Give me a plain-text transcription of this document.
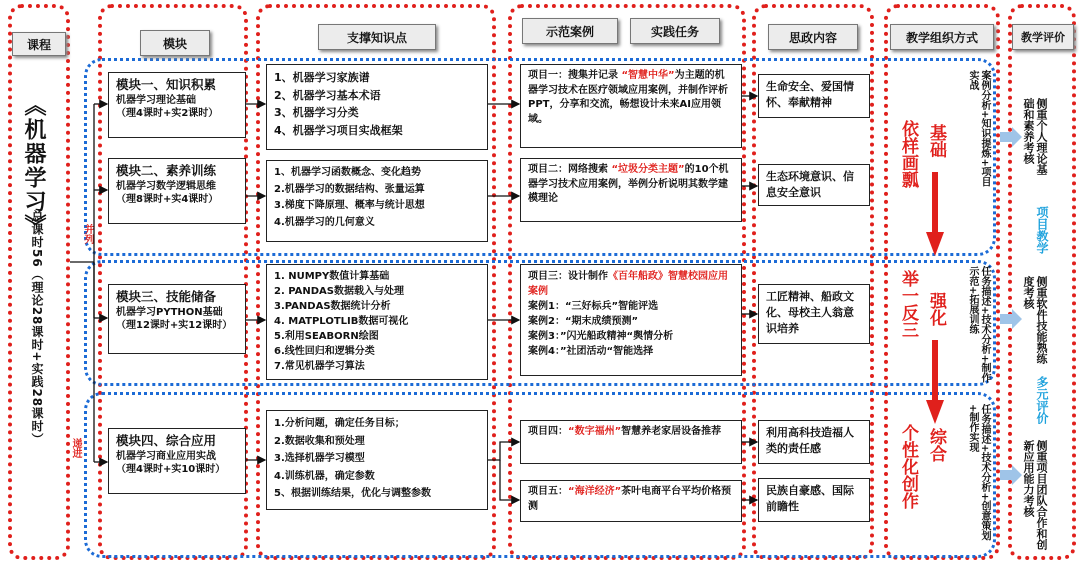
课程	模块	支撑知识点	示范案例	实践任务	思政内容	教学组织方式	教学评价
《机器学习》
总课时56（理论28课时+实践28课时）	并列
递进
模块一、知识积累
机器学习理论基础
（理4课时+实2课时）
模块二、素养训练
机器学习数学逻辑思维
（理8课时+实4课时）
模块三、技能储备
机器学习PYTHON基础
（理12课时+实12课时）
模块四、综合应用
机器学习商业应用实战
（理4课时+实10课时）
1、机器学习家族谱
2、机器学习基本术语
3、机器学习分类
4、机器学习项目实战框架
1、机器学习函数概念、变化趋势
2.机器学习的数据结构、张量运算
3.梯度下降原理、概率与统计思想
4.机器学习的几何意义
1. NUMPY数值计算基础
2. PANDAS数据载入与处理
3.PANDAS数据统计分析
4. MATPLOTLIB数据可视化
5.利用SEABORN绘图
6.线性回归和逻辑分类
7.常见机器学习算法
1.分析问题，确定任务目标；
2.数据收集和预处理
3.选择机器学习模型
4.训练机器，确定参数
5、根据训练结果，优化与调整参数
项目一：搜集并记录 “智慧中华”为主题的机器学习技术在医疗领域应用案例，并制作评析PPT，分享和交流，畅想设计未来AI应用领域。
项目二：网络搜索 “垃圾分类主题”的10个机器学习技术应用案例，举例分析说明其数学建模理论
项目三：设计制作《百年船政》智慧校园应用案例
案例1：“三好标兵”智能评选
案例2：“期末成绩预测”
案例3：”闪光船政精神“舆情分析
案例4：”社团活动“智能选择
项目四：“数字福州”智慧养老家居设备推荐
项目五：“海洋经济”茶叶电商平台平均价格预测
生命安全、爱国情怀、奉献精神
生态环境意识、信息安全意识
工匠精神、船政文化、母校主人翁意识培养
利用高科技造福人类的责任感
民族自豪感、国际前瞻性
依样画瓢 基础
举一反三 强化
个性化创作 综合
案例分析+知识提炼+项目实战
任务描述+技术分析+制作示范+拓展训练
任务描述+技术分析+创意策划+制作实现
侧重个人理论基础和素养考核
项目教学
侧重软件技能熟练度考核
多元评价
侧重项目团队合作和创新应用能力考核
